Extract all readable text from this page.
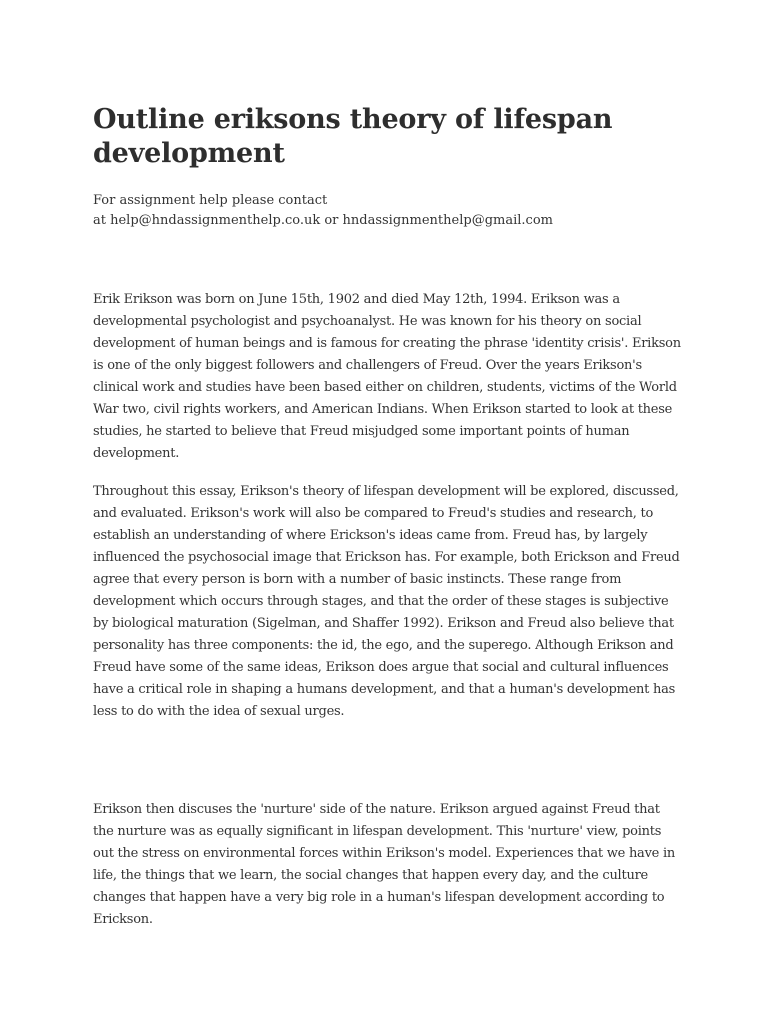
Outline eriksons theory of lifespan development
For assignment help please contact
at help@hndassignmenthelp.co.uk or hndassignmenthelp@gmail.com

Erik Erikson was born on June 15th, 1902 and died May 12th, 1994. Erikson was a developmental psychologist and psychoanalyst. He was known for his theory on social development of human beings and is famous for creating the phrase 'identity crisis'. Erikson is one of the only biggest followers and challengers of Freud. Over the years Erikson's clinical work and studies have been based either on children, students, victims of the World War two, civil rights workers, and American Indians. When Erikson started to look at these studies, he started to believe that Freud misjudged some important points of human development.

Throughout this essay, Erikson's theory of lifespan development will be explored, discussed, and evaluated. Erikson's work will also be compared to Freud's studies and research, to establish an understanding of where Erickson's ideas came from. Freud has, by largely influenced the psychosocial image that Erickson has. For example, both Erickson and Freud agree that every person is born with a number of basic instincts. These range from development which occurs through stages, and that the order of these stages is subjective by biological maturation (Sigelman, and Shaffer 1992). Erikson and Freud also believe that personality has three components: the id, the ego, and the superego. Although Erikson and Freud have some of the same ideas, Erikson does argue that social and cultural influences have a critical role in shaping a humans development, and that a human's development has less to do with the idea of sexual urges.

Erikson then discuses the 'nurture' side of the nature. Erikson argued against Freud that the nurture was as equally significant in lifespan development. This 'nurture' view, points out the stress on environmental forces within Erikson's model. Experiences that we have in life, the things that we learn, the social changes that happen every day, and the culture changes that happen have a very big role in a human's lifespan development according to Erickson.
